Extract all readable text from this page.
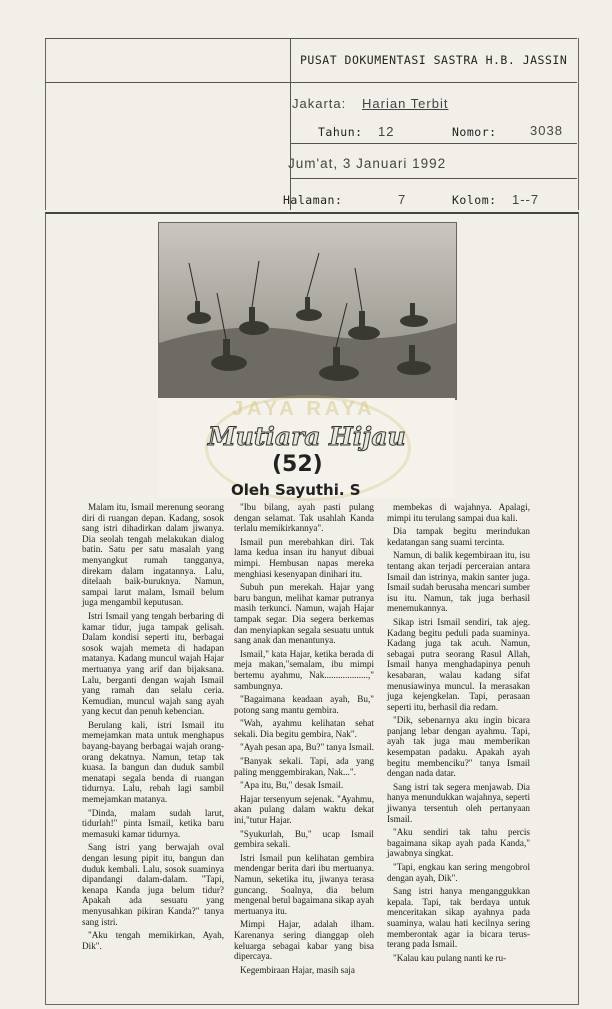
PUSAT DOKUMENTASI SASTRA H.B. JASSIN
Jakarta: Harian Terbit
Tahun: 12	Nomor:	3038
Jum'at, 3 Januari 1992
Halaman:	7	Kolom: 1--7
JAYA RAYA
Mutiara Hijau
(52)
Oleh Sayuthi. S

Malam itu, Ismail merenung seorang diri di ruangan depan. Kadang, sosok sang istri dihadirkan dalam jiwanya. Dia seolah tengah melakukan dialog batin. Satu per satu masalah yang menyangkut rumah tangganya, direkam dalam ingatannya. Lalu, ditelaah baik-buruknya. Namun, sampai larut malam, Ismail belum juga mengambil keputusan.

Istri Ismail yang tengah berbaring di kamar tidur, juga tampak gelisah. Dalam kondisi seperti itu, berbagai sosok wajah memeta di hadapan matanya. Kadang muncul wajah Hajar mertuanya yang arif dan bijaksana. Lalu, berganti dengan wajah Ismail yang ramah dan selalu ceria. Kemudian, muncul wajah sang ayah yang kecut dan penuh kebencian.

Berulang kali, istri Ismail itu memejamkan mata untuk menghapus bayang-bayang berbagai wajah orang-orang dekatnya. Namun, tetap tak kuasa. Ia bangun dan duduk sambil menatapi segala benda di ruangan tidurnya. Lalu, rebah lagi sambil memejamkan matanya.

"Dinda, malam sudah larut, tidurlah!" pinta Ismail, ketika baru memasuki kamar tidurnya.

Sang istri yang berwajah oval dengan lesung pipit itu, bangun dan duduk kembali. Lalu, sosok suaminya dipandangi dalam-dalam. "Tapi, kenapa Kanda juga belum tidur? Apakah ada sesuatu yang menyusahkan pikiran Kanda?" tanya sang istri.

"Aku tengah memikirkan, Ayah, Dik".

"Ibu bilang, ayah pasti pulang dengan selamat. Tak usahlah Kanda terlalu memikirkannya".

Ismail pun merebahkan diri. Tak lama kedua insan itu hanyut dibuai mimpi. Hembusan napas mereka menghiasi kesenyapan dinihari itu.

Subuh pun merekah. Hajar yang baru bangun, melihat kamar putranya masih terkunci. Namun, wajah Hajar tampak segar. Dia segera berkemas dan menyiapkan segala sesuatu untuk sang anak dan menantunya.

Ismail," kata Hajar, ketika berada di meja makan,"semalam, ibu mimpi bertemu ayahmu, Nak...................," sambungnya.

"Bagaimana keadaan ayah, Bu," potong sang mantu gembira.

"Wah, ayahmu kelihatan sehat sekali. Dia begitu gembira, Nak".

"Ayah pesan apa, Bu?" tanya Ismail.

"Banyak sekali. Tapi, ada yang paling menggembirakan, Nak...".

"Apa itu, Bu," desak Ismail.

Hajar tersenyum sejenak. "Ayahmu, akan pulang dalam waktu dekat ini,"tutur Hajar.

"Syukurlah, Bu," ucap Ismail gembira sekali.

Istri Ismail pun kelihatan gembira mendengar berita dari ibu mertuanya. Namun, seketika itu, jiwanya terasa guncang. Soalnya, dia belum mengenal betul bagaimana sikap ayah mertuanya itu.

Mimpi Hajar, adalah ilham. Karenanya sering dianggap oleh keluarga sebagai kabar yang bisa dipercaya.

Kegembiraan Hajar, masih saja

membekas di wajahnya. Apalagi, mimpi itu terulang sampai dua kali.

Dia tampak begitu merindukan kedatangan sang suami tercinta.

Namun, di balik kegembiraan itu, isu tentang akan terjadi perceraian antara Ismail dan istrinya, makin santer juga. Ismail sudah berusaha mencari sumber isu itu. Namun, tak juga berhasil menemukannya.

Sikap istri Ismail sendiri, tak ajeg. Kadang begitu peduli pada suaminya. Kadang juga tak acuh. Namun, sebagai putra seorang Rasul Allah, Ismail hanya menghadapinya penuh kesabaran, walau kadang sifat menusiawinya muncul. Ia merasakan juga kejengkelan. Tapi, perasaan seperti itu, berhasil dia redam.

"Dik, sebenarnya aku ingin bicara panjang lebar dengan ayahmu. Tapi, ayah tak juga mau memberikan kesempatan padaku. Apakah ayah begitu membenciku?" tanya Ismail dengan nada datar.

Sang istri tak segera menjawab. Dia hanya menundukkan wajahnya, seperti jiwanya tersentuh oleh pertanyaan Ismail.

"Aku sendiri tak tahu percis bagaimana sikap ayah pada Kanda," jawabnya singkat.

"Tapi, engkau kan sering mengobrol dengan ayah, Dik".

Sang istri hanya menganggukkan kepala. Tapi, tak berdaya untuk menceritakan sikap ayahnya pada suaminya, walau hati kecilnya sering memberontak agar ia bicara terus-terang pada Ismail.

"Kalau kau pulang nanti ke ru-
